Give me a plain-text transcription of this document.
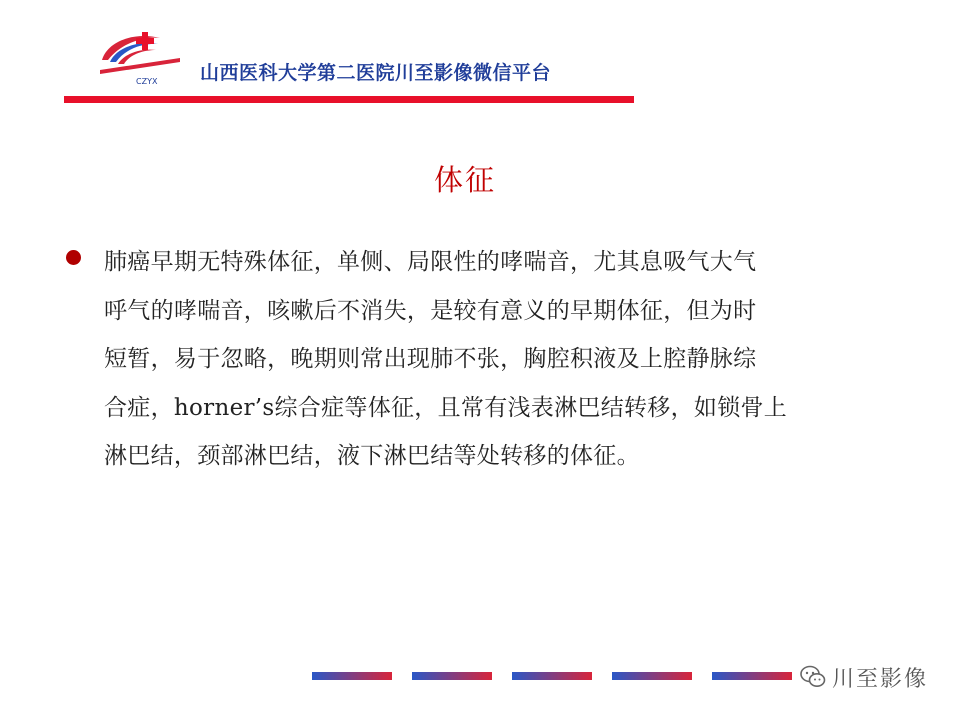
CZYX 山西医科大学第二医院川至影像微信平台
体征
肺癌早期无特殊体征，单侧、局限性的哮喘音，尤其息吸气大气
呼气的哮喘音，咳嗽后不消失，是较有意义的早期体征，但为时
短暂，易于忽略，晚期则常出现肺不张，胸腔积液及上腔静脉综
合症，horner’s综合症等体征，且常有浅表淋巴结转移，如锁骨上
淋巴结，颈部淋巴结，液下淋巴结等处转移的体征。
川至影像
